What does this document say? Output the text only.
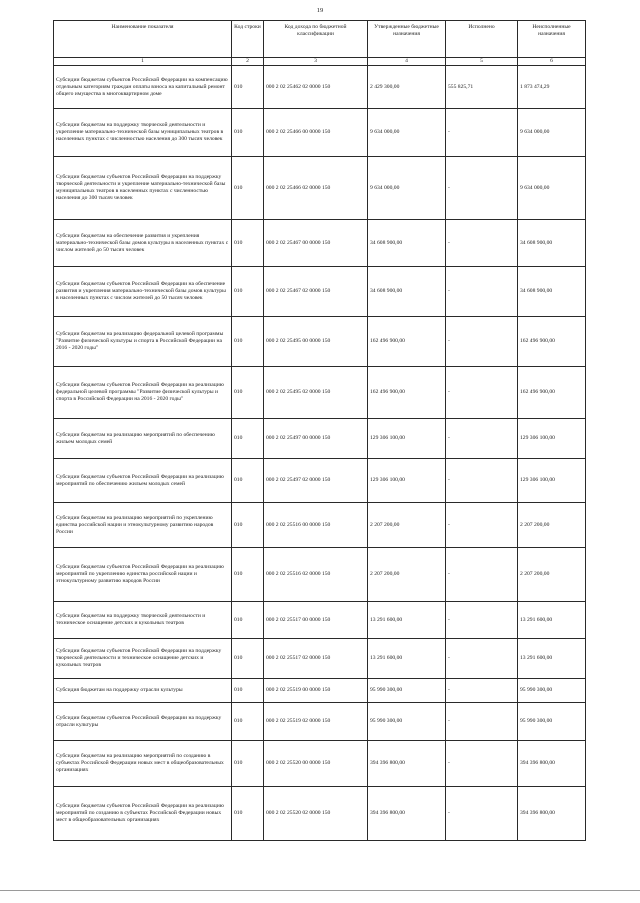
19
Наименование показателя	Код строки	Код дохода по бюджетной классификации	Утвержденные бюджетные назначения	Исполнено	Неисполненные назначения
1	2	3	4	5	6
Субсидии бюджетам субъектов Российской Федерации на компенсацию отдельным категориям граждан оплаты взноса на капитальный ремонт общего имущества в многоквартирном доме	010	000 2 02 25462 02 0000 150	2 429 300,00	555 825,71	1 873 474,29
Субсидии бюджетам на поддержку творческой деятельности и укрепление материально-технической базы муниципальных театров в населенных пунктах с численностью населения до 300 тысяч человек	010	000 2 02 25466 00 0000 150	9 634 000,00	-	9 634 000,00
Субсидии бюджетам субъектов Российской Федерации на поддержку творческой деятельности и укрепление материально-технической базы муниципальных театров в населенных пунктах с численностью населения до 300 тысяч человек	010	000 2 02 25466 02 0000 150	9 634 000,00	-	9 634 000,00
Субсидии бюджетам на обеспечение развития и укрепления материально-технической базы домов культуры в населенных пунктах с числом жителей до 50 тысяч человек	010	000 2 02 25467 00 0000 150	34 608 900,00	-	34 608 900,00
Субсидии бюджетам субъектов Российской Федерации на обеспечение развития и укрепления материально-технической базы домов культуры в населенных пунктах с числом жителей до 50 тысяч человек	010	000 2 02 25467 02 0000 150	34 608 900,00	-	34 608 900,00
Субсидии бюджетам на реализацию федеральной целевой программы "Развитие физической культуры и спорта в Российской Федерации на 2016 - 2020 годы"	010	000 2 02 25495 00 0000 150	162 496 900,00	-	162 496 900,00
Субсидии бюджетам субъектов Российской Федерации на реализацию федеральной целевой программы "Развитие физической культуры и спорта в Российской Федерации на 2016 - 2020 годы"	010	000 2 02 25495 02 0000 150	162 496 900,00	-	162 496 900,00
Субсидии бюджетам на реализацию мероприятий по обеспечению жильем молодых семей	010	000 2 02 25497 00 0000 150	129 306 100,00	-	129 306 100,00
Субсидии бюджетам субъектов Российской Федерации на реализацию мероприятий по обеспечению жильем молодых семей	010	000 2 02 25497 02 0000 150	129 306 100,00	-	129 306 100,00
Субсидии бюджетам на реализацию мероприятий по укреплению единства российской нации и этнокультурному развитию народов России	010	000 2 02 25516 00 0000 150	2 207 200,00	-	2 207 200,00
Субсидии бюджетам субъектов Российской Федерации на реализацию мероприятий по укреплению единства российской нации и этнокультурному развитию народов России	010	000 2 02 25516 02 0000 150	2 207 200,00	-	2 207 200,00
Субсидии бюджетам на поддержку творческой деятельности и техническое оснащение детских и кукольных театров	010	000 2 02 25517 00 0000 150	13 291 600,00	-	13 291 600,00
Субсидии бюджетам субъектов Российской Федерации на поддержку творческой деятельности и техническое оснащение детских и кукольных театров	010	000 2 02 25517 02 0000 150	13 291 600,00	-	13 291 600,00
Субсидия бюджетам на поддержку отрасли культуры	010	000 2 02 25519 00 0000 150	95 990 300,00	-	95 990 300,00
Субсидии бюджетам субъектов Российской Федерации на поддержку отрасли культуры	010	000 2 02 25519 02 0000 150	95 990 300,00	-	95 990 300,00
Субсидии бюджетам на реализацию мероприятий по созданию в субъектах Российской Федерации новых мест в общеобразовательных организациях	010	000 2 02 25520 00 0000 150	394 396 800,00	-	394 396 800,00
Субсидии бюджетам субъектов Российской Федерации на реализацию мероприятий по созданию в субъектах Российской Федерации новых мест в общеобразовательных организациях	010	000 2 02 25520 02 0000 150	394 396 800,00	-	394 396 800,00
